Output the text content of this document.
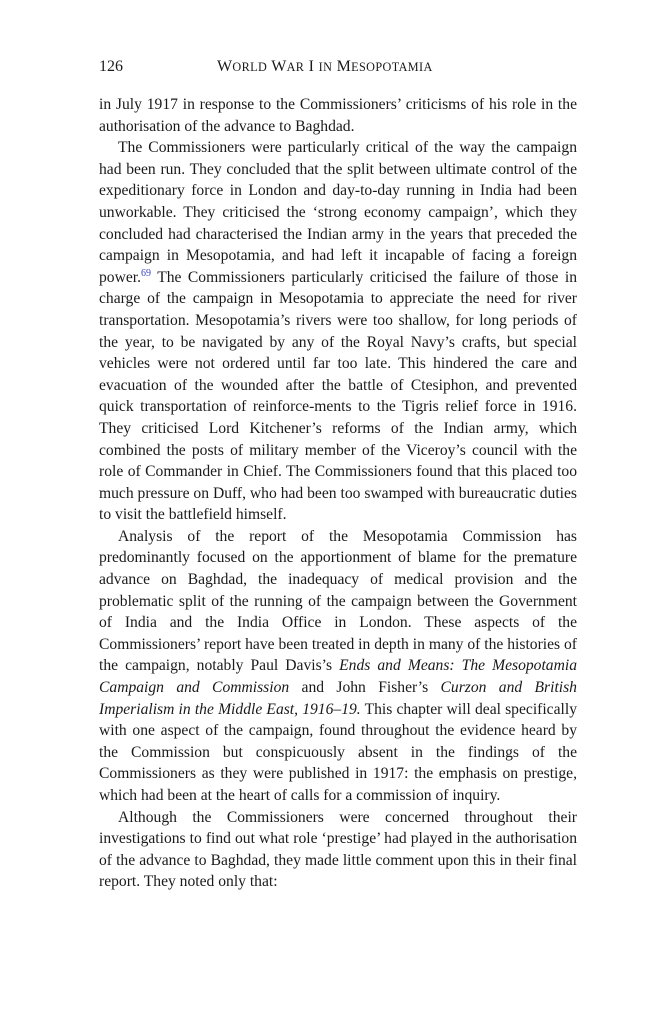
126	WORLD WAR I IN MESOPOTAMIA

in July 1917 in response to the Commissioners’ criticisms of his role in the authorisation of the advance to Baghdad.

The Commissioners were particularly critical of the way the campaign had been run. They concluded that the split between ultimate control of the expeditionary force in London and day-to-day running in India had been unworkable. They criticised the ‘strong economy campaign’, which they concluded had characterised the Indian army in the years that preceded the campaign in Mesopotamia, and had left it incapable of facing a foreign power.$^{69}$ The Commissioners particularly criticised the failure of those in charge of the campaign in Mesopotamia to appreciate the need for river transportation. Mesopotamia’s rivers were too shallow, for long periods of the year, to be navigated by any of the Royal Navy’s crafts, but special vehicles were not ordered until far too late. This hindered the care and evacuation of the wounded after the battle of Ctesiphon, and prevented quick transportation of reinforce-ments to the Tigris relief force in 1916. They criticised Lord Kitchener’s reforms of the Indian army, which combined the posts of military member of the Viceroy’s council with the role of Commander in Chief. The Commissioners found that this placed too much pressure on Duff, who had been too swamped with bureaucratic duties to visit the battlefield himself.

Analysis of the report of the Mesopotamia Commission has predominantly focused on the apportionment of blame for the premature advance on Baghdad, the inadequacy of medical provision and the problematic split of the running of the campaign between the Government of India and the India Office in London. These aspects of the Commissioners’ report have been treated in depth in many of the histories of the campaign, notably Paul Davis’s Ends and Means: The Mesopotamia Campaign and Commission and John Fisher’s Curzon and British Imperialism in the Middle East, 1916–19. This chapter will deal specifically with one aspect of the campaign, found throughout the evidence heard by the Commission but conspicuously absent in the findings of the Commissioners as they were published in 1917: the emphasis on prestige, which had been at the heart of calls for a commission of inquiry.

Although the Commissioners were concerned throughout their investigations to find out what role ‘prestige’ had played in the authorisation of the advance to Baghdad, they made little comment upon this in their final report. They noted only that:
